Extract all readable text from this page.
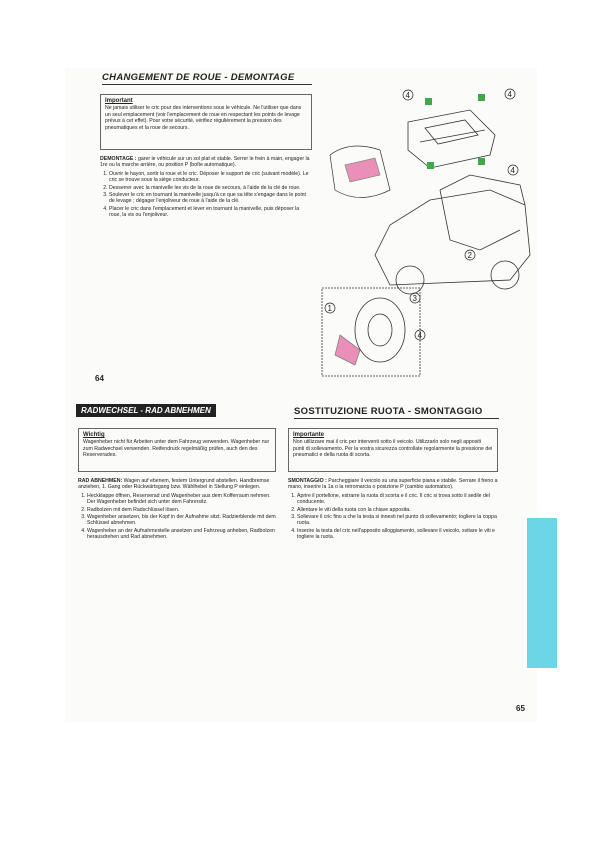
CHANGEMENT DE ROUE - DEMONTAGE
Important
Ne jamais utiliser le cric pour des interventions sous le véhicule. Ne l'utiliser que dans un seul emplacement (voir l'emplacement de roue en respectant les points de levage prévus à cet effet). Pour votre sécurité, vérifiez régulièrement la pression des pneumatiques et la roue de secours.
DEMONTAGE : garer le véhicule sur un sol plat et stable. Serrer le frein à main, engager la 1re ou la marche arrière, ou position P (boîte automatique).
1. Ouvrir le hayon, sortir la roue et le cric. Déposer le support de cric (suivant modèle). Le cric se trouve sous la siège conducteur.
2. Desserrer avec la manivelle les vis de la roue de secours, à l'aide de la clé de roue.
3. Soulever le cric en tournant la manivelle jusqu'à ce que sa tête s'engage dans le point de levage ; dégager l'enjoliveur de roue à l'aide de la clé.
4. Placer le cric dans l'emplacement et lever en tournant la manivelle, puis déposer la roue, la vis ou l'enjoliveur.
64
4	4
4
2
3
1
4
RADWECHSEL - RAD ABNEHMEN
Wichtig
Wagenheber nicht für Arbeiten unter dem Fahrzeug verwenden. Wagenheber nur zum Radwechsel verwenden. Reifendruck regelmäßig prüfen, auch den des Reserverades.
RAD ABNEHMEN: Wagen auf ebenem, festem Untergrund abstellen. Handbremse anziehen, 1. Gang oder Rückwärtsgang bzw. Wählhebel in Stellung P einlegen.
1. Heckklappe öffnen, Reserverad und Wagenheber aus dem Kofferraum nehmen. Der Wagenheber befindet sich unter dem Fahrersitz.
2. Radbolzen mit dem Radschlüssel lösen.
3. Wagenheber ansetzen, bis der Kopf in der Aufnahme sitzt. Radzierblende mit dem Schlüssel abnehmen.
4. Wagenheber an der Aufnahmestelle ansetzen und Fahrzeug anheben, Radbolzen herausdrehen und Rad abnehmen.
SOSTITUZIONE RUOTA - SMONTAGGIO
Importante
Non utilizzare mai il cric per interventi sotto il veicolo. Utilizzarlo solo negli appositi punti di sollevamento. Per la vostra sicurezza controllate regolarmente la pressione dei pneumatici e della ruota di scorta.
SMONTAGGIO : Parcheggiare il veicolo su una superficie piana e stabile. Serrare il freno a mano, inserire la 1a o la retromarcia o posizione P (cambio automatico).
1. Aprire il portellone, estrarre la ruota di scorta e il cric. Il cric si trova sotto il sedile del conducente.
2. Allentare le viti della ruota con la chiave apposita.
3. Sollevare il cric fino a che la testa si innesti nel punto di sollevamento; togliere la coppa ruota.
4. Inserire la testa del cric nell'apposito alloggiamento, sollevare il veicolo, svitare le viti e togliere la ruota.
65
